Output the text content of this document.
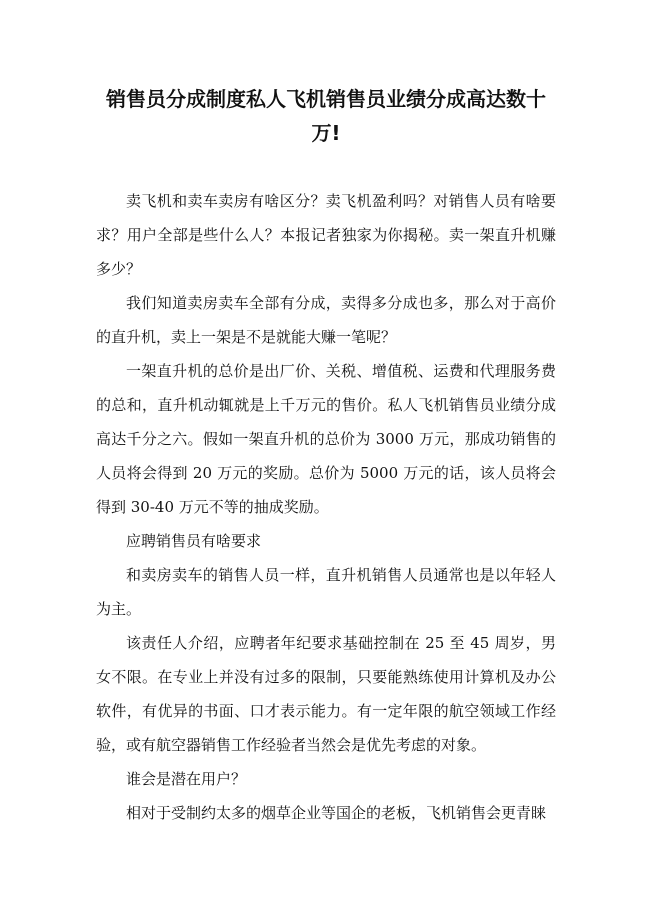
销售员分成制度私人飞机销售员业绩分成高达数十万!

卖飞机和卖车卖房有啥区分？卖飞机盈利吗？对销售人员有啥要求？用户全部是些什么人？本报记者独家为你揭秘。卖一架直升机赚多少？

我们知道卖房卖车全部有分成，卖得多分成也多，那么对于高价的直升机，卖上一架是不是就能大赚一笔呢？

一架直升机的总价是出厂价、关税、增值税、运费和代理服务费的总和，直升机动辄就是上千万元的售价。私人飞机销售员业绩分成高达千分之六。假如一架直升机的总价为 3000 万元，那成功销售的人员将会得到 20 万元的奖励。总价为 5000 万元的话，该人员将会得到 30-40 万元不等的抽成奖励。

应聘销售员有啥要求

和卖房卖车的销售人员一样，直升机销售人员通常也是以年轻人为主。

该责任人介绍，应聘者年纪要求基础控制在 25 至 45 周岁，男女不限。在专业上并没有过多的限制，只要能熟练使用计算机及办公软件，有优异的书面、口才表示能力。有一定年限的航空领域工作经验，或有航空器销售工作经验者当然会是优先考虑的对象。

谁会是潜在用户？

相对于受制约太多的烟草企业等国企的老板，飞机销售会更青睐
